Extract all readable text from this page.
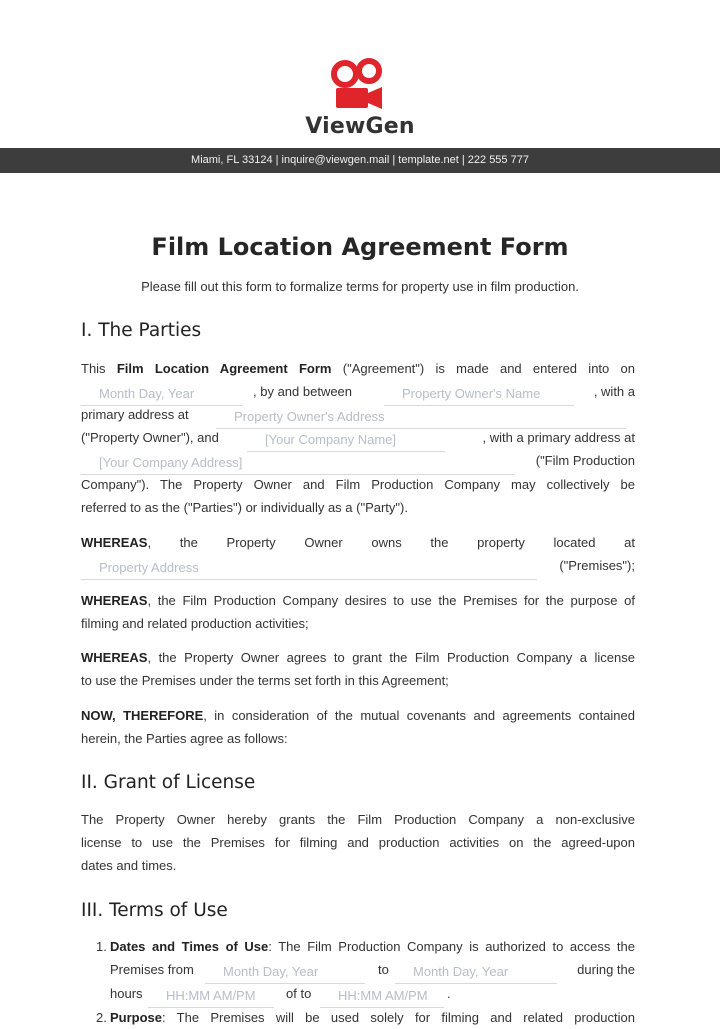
ViewGen
Miami, FL 33124 | inquire@viewgen.mail | template.net | 222 555 777
Film Location Agreement Form
Please fill out this form to formalize terms for property use in film production.
I. The Parties
This Film Location Agreement Form ("Agreement") is made and entered into on
Month Day, Year	, by and between	Property Owner's Name	, with a
primary address at	Property Owner's Address
("Property Owner"), and	[Your Company Name]	, with a primary address at
[Your Company Address]	("Film Production
Company"). The Property Owner and Film Production Company may collectively be
referred to as the ("Parties") or individually as a ("Party").
WHEREAS, the Property Owner owns the property located at
Property Address	("Premises");
WHEREAS, the Film Production Company desires to use the Premises for the purpose of
filming and related production activities;
WHEREAS, the Property Owner agrees to grant the Film Production Company a license
to use the Premises under the terms set forth in this Agreement;
NOW, THEREFORE, in consideration of the mutual covenants and agreements contained
herein, the Parties agree as follows:
II. Grant of License
The Property Owner hereby grants the Film Production Company a non-exclusive
license to use the Premises for filming and production activities on the agreed-upon
dates and times.
III. Terms of Use
1. Dates and Times of Use: The Film Production Company is authorized to access the
Premises from	Month Day, Year	to	Month Day, Year	during the
hours	HH:MM AM/PM	of to	HH:MM AM/PM	.
2. Purpose: The Premises will be used solely for filming and related production
